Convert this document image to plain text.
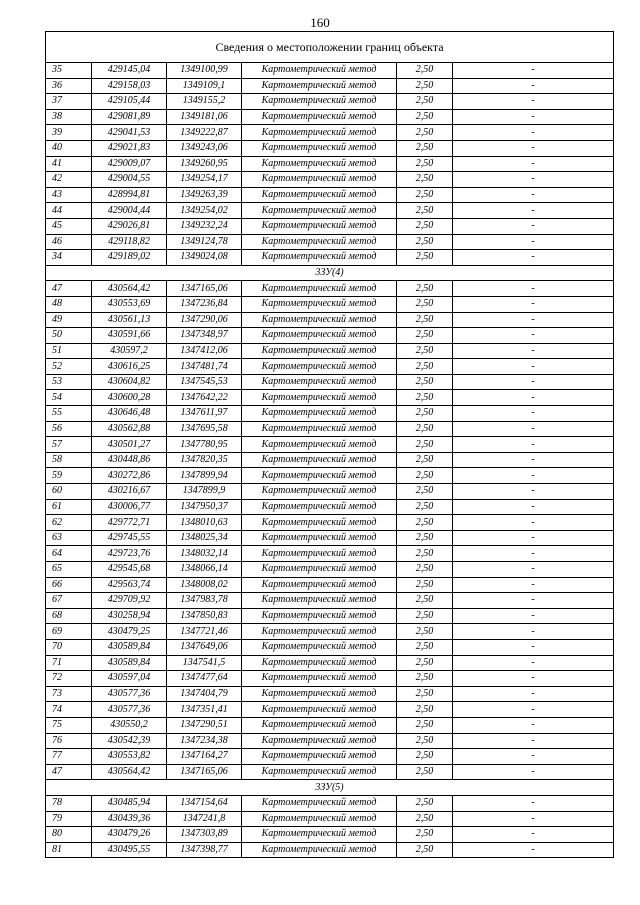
160
Сведения о местоположении границ объекта					
35	429145,04	1349100,99	Картометрический метод	2,50	-
36	429158,03	1349109,1	Картометрический метод	2,50	-
37	429105,44	1349155,2	Картометрический метод	2,50	-
38	429081,89	1349181,06	Картометрический метод	2,50	-
39	429041,53	1349222,87	Картометрический метод	2,50	-
40	429021,83	1349243,06	Картометрический метод	2,50	-
41	429009,07	1349260,95	Картометрический метод	2,50	-
42	429004,55	1349254,17	Картометрический метод	2,50	-
43	428994,81	1349263,39	Картометрический метод	2,50	-
44	429004,44	1349254,02	Картометрический метод	2,50	-
45	429026,81	1349232,24	Картометрический метод	2,50	-
46	429118,82	1349124,78	Картометрический метод	2,50	-
34	429189,02	1349024,08	Картометрический метод	2,50	-
3ЗУ(4)					
47	430564,42	1347165,06	Картометрический метод	2,50	-
48	430553,69	1347236,84	Картометрический метод	2,50	-
49	430561,13	1347290,06	Картометрический метод	2,50	-
50	430591,66	1347348,97	Картометрический метод	2,50	-
51	430597,2	1347412,06	Картометрический метод	2,50	-
52	430616,25	1347481,74	Картометрический метод	2,50	-
53	430604,82	1347545,53	Картометрический метод	2,50	-
54	430600,28	1347642,22	Картометрический метод	2,50	-
55	430646,48	1347611,97	Картометрический метод	2,50	-
56	430562,88	1347695,58	Картометрический метод	2,50	-
57	430501,27	1347780,95	Картометрический метод	2,50	-
58	430448,86	1347820,35	Картометрический метод	2,50	-
59	430272,86	1347899,94	Картометрический метод	2,50	-
60	430216,67	1347899,9	Картометрический метод	2,50	-
61	430006,77	1347950,37	Картометрический метод	2,50	-
62	429772,71	1348010,63	Картометрический метод	2,50	-
63	429745,55	1348025,34	Картометрический метод	2,50	-
64	429723,76	1348032,14	Картометрический метод	2,50	-
65	429545,68	1348066,14	Картометрический метод	2,50	-
66	429563,74	1348008,02	Картометрический метод	2,50	-
67	429709,92	1347983,78	Картометрический метод	2,50	-
68	430258,94	1347850,83	Картометрический метод	2,50	-
69	430479,25	1347721,46	Картометрический метод	2,50	-
70	430589,84	1347649,06	Картометрический метод	2,50	-
71	430589,84	1347541,5	Картометрический метод	2,50	-
72	430597,04	1347477,64	Картометрический метод	2,50	-
73	430577,36	1347404,79	Картометрический метод	2,50	-
74	430577,36	1347351,41	Картометрический метод	2,50	-
75	430550,2	1347290,51	Картометрический метод	2,50	-
76	430542,39	1347234,38	Картометрический метод	2,50	-
77	430553,82	1347164,27	Картометрический метод	2,50	-
47	430564,42	1347165,06	Картометрический метод	2,50	-
3ЗУ(5)					
78	430485,94	1347154,64	Картометрический метод	2,50	-
79	430439,36	1347241,8	Картометрический метод	2,50	-
80	430479,26	1347303,89	Картометрический метод	2,50	-
81	430495,55	1347398,77	Картометрический метод	2,50	-
